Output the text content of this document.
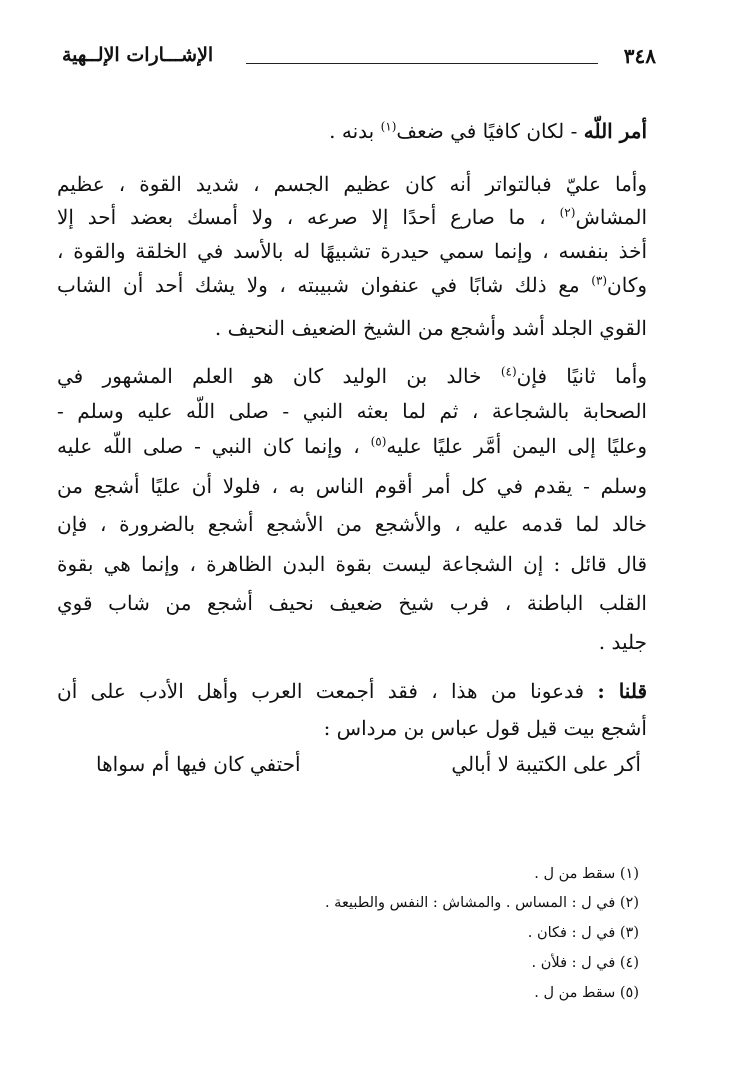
الإشـــارات الإلــهية	٣٤٨
أمر اللّه - لكان كافيًا في ضعف$^{(١)}$ بدنه .
وأما عليّ فبالتواتر أنه كان عظيم الجسم ، شديد القوة ، عظيم
المشاش$^{(٢)}$ ، ما صارع أحدًا إلا صرعه ، ولا أمسك بعضد أحد إلا
أخذ بنفسه ، وإنما سمي حيدرة تشبيهًا له بالأسد في الخلقة والقوة ،
وكان$^{(٣)}$ مع ذلك شابًا في عنفوان شبيبته ، ولا يشك أحد أن الشاب
القوي الجلد أشد وأشجع من الشيخ الضعيف النحيف .
وأما ثانيًا فإن$^{(٤)}$ خالد بن الوليد كان هو العلم المشهور في
الصحابة بالشجاعة ، ثم لما بعثه النبي - صلى اللّه عليه وسلم -
وعليًا إلى اليمن أمَّر عليًا عليه$^{(٥)}$ ، وإنما كان النبي - صلى اللّه عليه
وسلم - يقدم في كل أمر أقوم الناس به ، فلولا أن عليًا أشجع من
خالد لما قدمه عليه ، والأشجع من الأشجع أشجع بالضرورة ، فإن
قال قائل : إن الشجاعة ليست بقوة البدن الظاهرة ، وإنما هي بقوة
القلب الباطنة ، فرب شيخ ضعيف نحيف أشجع من شاب قوي
جليد .
قلنا : فدعونا من هذا ، فقد أجمعت العرب وأهل الأدب على أن
أشجع بيت قيل قول عباس بن مرداس :
أكر على الكتيبة لا أبالي
أحتفي كان فيها أم سواها
(١) سقط من ل .
(٢) في ل : المساس . والمشاش : النفس والطبيعة .
(٣) في ل : فكان .
(٤) في ل : فلأن .
(٥) سقط من ل .
